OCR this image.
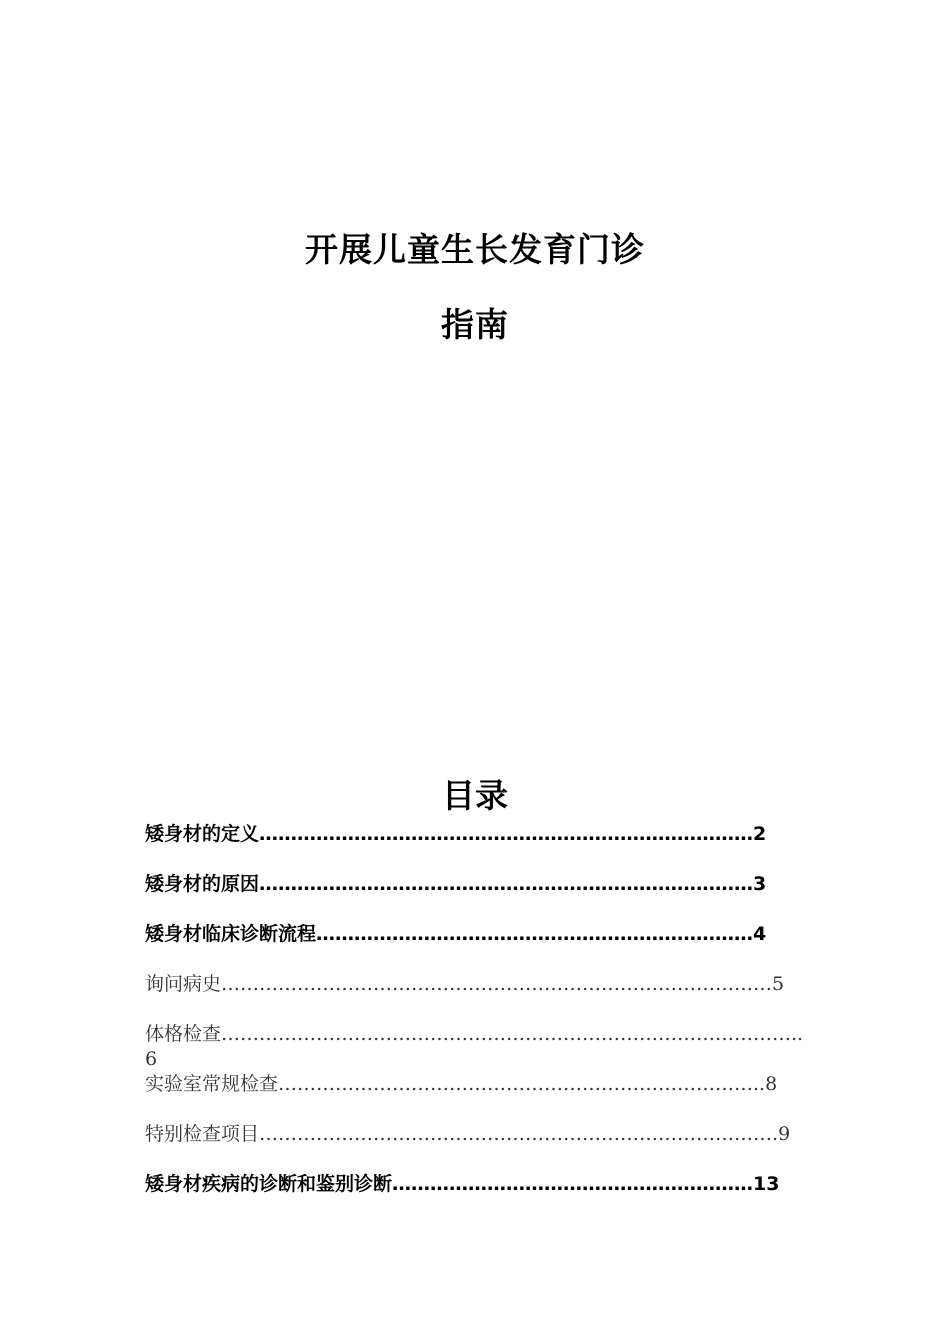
开展儿童生长发育门诊
指南
目录
矮身材的定义……………………………………………………………………2
矮身材的原因……………………………………………………………………3
矮身材临床诊断流程……………………………………………………………4
询问病史……………………………………………………………………………5
体格检查………………………………………………………………………………..6
实验室常规检查…………………………………………………………………..8
特别检查项目……………………………………………………………………….9
矮身材疾病的诊断和鉴别诊断…………………………………………………13
